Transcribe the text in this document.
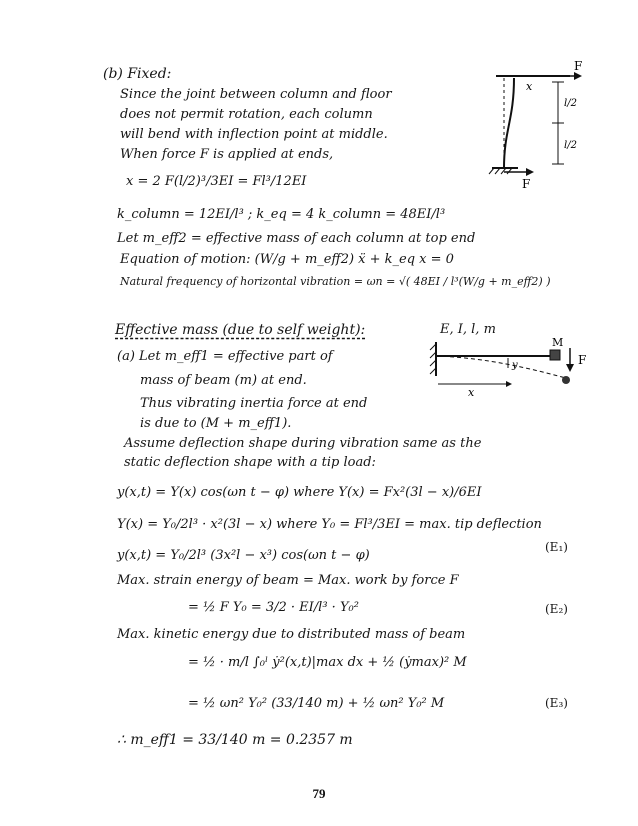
(b) Fixed:
Since the joint between column and floor
does not permit rotation, each column
will bend with inflection point at middle.
When force F is applied at ends,
x = 2 F(l/2)³/3EI = Fl³/12EI
k_column = 12EI/l³ ; k_eq = 4 k_column = 48EI/l³
Let m_eff2 = effective mass of each column at top end
Equation of motion: (W/g + m_eff2) ẍ + k_eq x = 0
Natural frequency of horizontal vibration = ωn = √( 48EI / l³(W/g + m_eff2) )
F
x
l/2
l/2
F
Effective mass (due to self weight):	E, I, l, m
(a) Let m_eff1 = effective part of
mass of beam (m) at end.
Thus vibrating inertia force at end
is due to (M + m_eff1).
Assume deflection shape during vibration same as the
static deflection shape with a tip load:
M
F
x
y
y(x,t) = Y(x) cos(ωn t − φ) where Y(x) = Fx²(3l − x)/6EI
Y(x) = Y₀/2l³ · x²(3l − x) where Y₀ = Fl³/3EI = max. tip deflection
y(x,t) = Y₀/2l³ (3x²l − x³) cos(ωn t − φ)
(E₁)
Max. strain energy of beam = Max. work by force F
= ½ F Y₀ = 3/2 · EI/l³ · Y₀²	(E₂)
Max. kinetic energy due to distributed mass of beam
= ½ · m/l ∫₀ˡ ẏ²(x,t)|max dx + ½ (ẏmax)² M
= ½ ωn² Y₀² (33/140 m) + ½ ωn² Y₀² M	(E₃)
∴ m_eff1 = 33/140 m = 0.2357 m
79
